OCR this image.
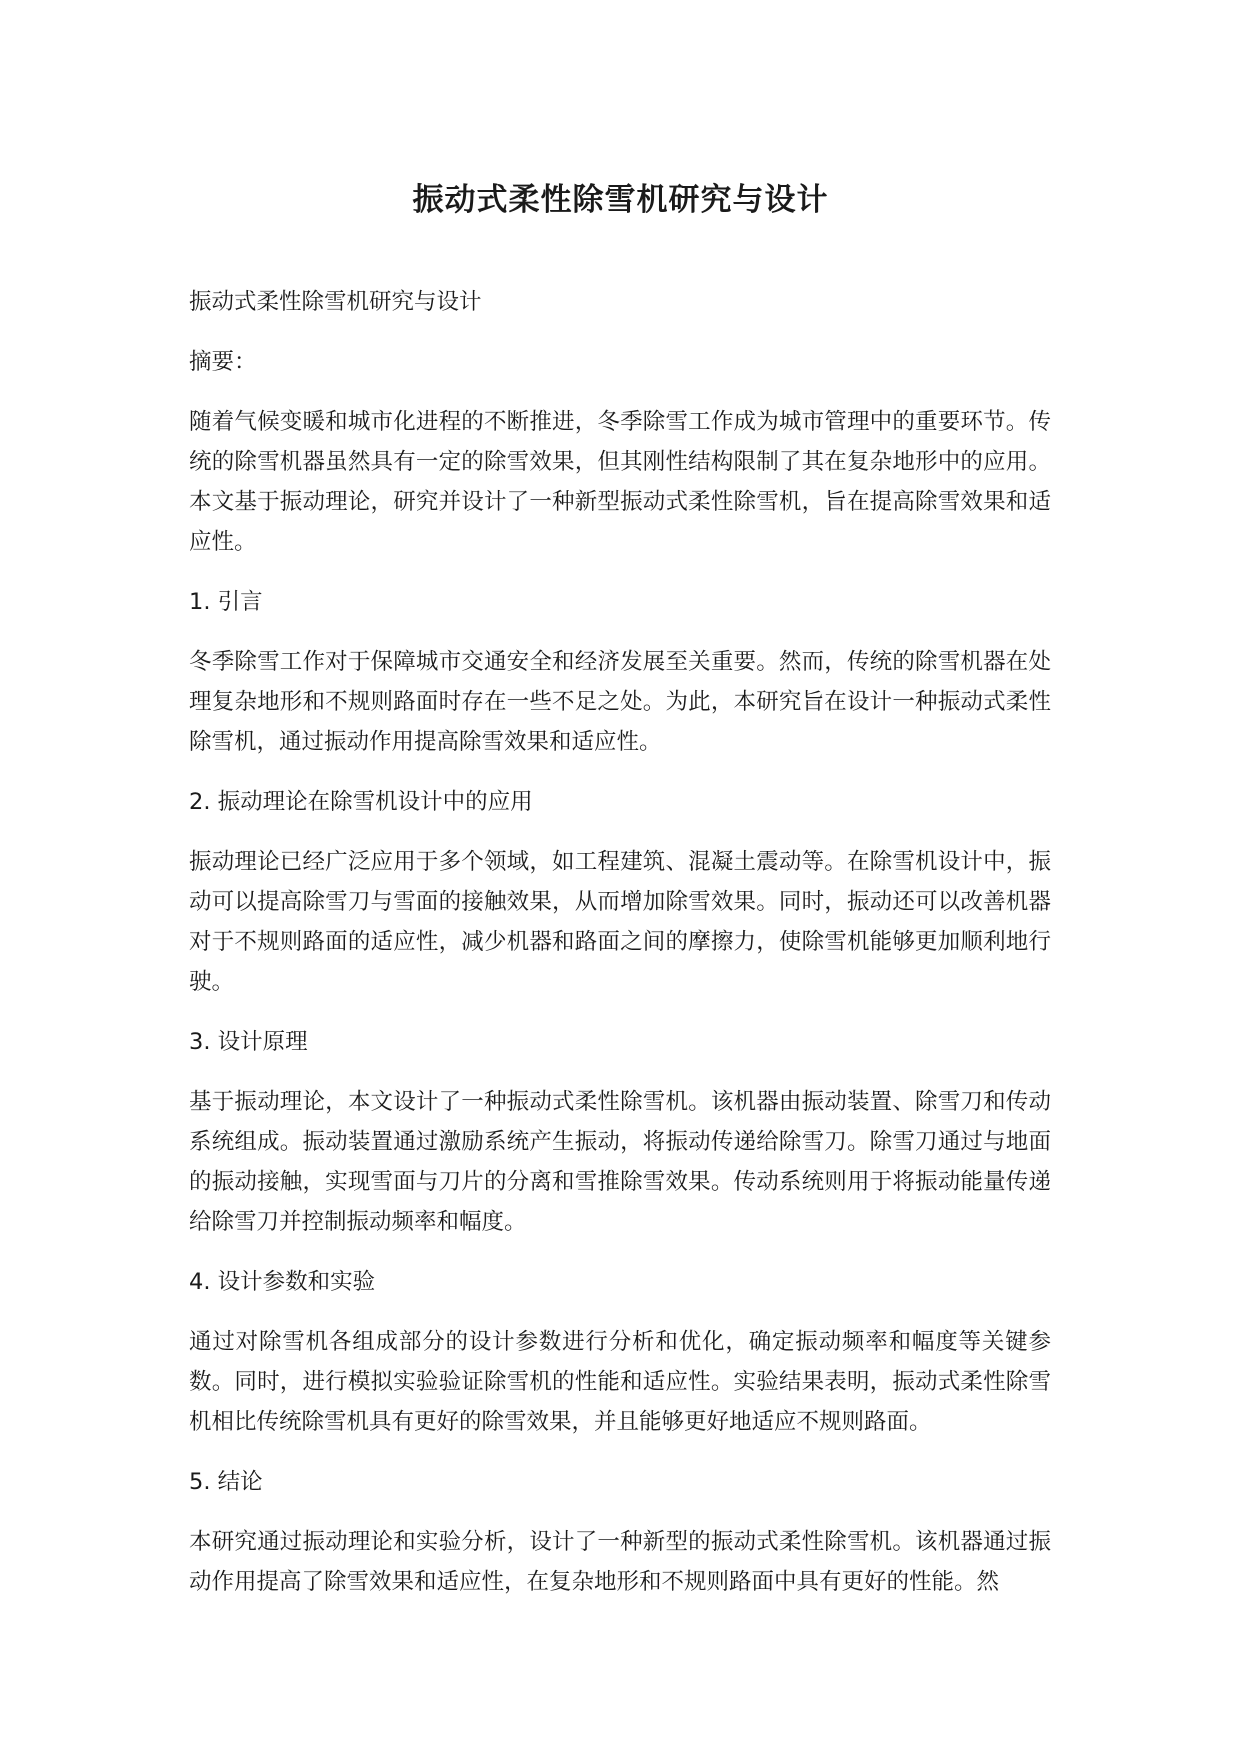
振动式柔性除雪机研究与设计

振动式柔性除雪机研究与设计

摘要：

随着气候变暖和城市化进程的不断推进，冬季除雪工作成为城市管理中的重要环节。传统的除雪机器虽然具有一定的除雪效果，但其刚性结构限制了其在复杂地形中的应用。本文基于振动理论，研究并设计了一种新型振动式柔性除雪机，旨在提高除雪效果和适应性。

1. 引言

冬季除雪工作对于保障城市交通安全和经济发展至关重要。然而，传统的除雪机器在处理复杂地形和不规则路面时存在一些不足之处。为此，本研究旨在设计一种振动式柔性除雪机，通过振动作用提高除雪效果和适应性。

2. 振动理论在除雪机设计中的应用

振动理论已经广泛应用于多个领域，如工程建筑、混凝土震动等。在除雪机设计中，振动可以提高除雪刀与雪面的接触效果，从而增加除雪效果。同时，振动还可以改善机器对于不规则路面的适应性，减少机器和路面之间的摩擦力，使除雪机能够更加顺利地行驶。

3. 设计原理

基于振动理论，本文设计了一种振动式柔性除雪机。该机器由振动装置、除雪刀和传动系统组成。振动装置通过激励系统产生振动，将振动传递给除雪刀。除雪刀通过与地面的振动接触，实现雪面与刀片的分离和雪推除雪效果。传动系统则用于将振动能量传递给除雪刀并控制振动频率和幅度。

4. 设计参数和实验

通过对除雪机各组成部分的设计参数进行分析和优化，确定振动频率和幅度等关键参数。同时，进行模拟实验验证除雪机的性能和适应性。实验结果表明，振动式柔性除雪机相比传统除雪机具有更好的除雪效果，并且能够更好地适应不规则路面。

5. 结论

本研究通过振动理论和实验分析，设计了一种新型的振动式柔性除雪机。该机器通过振动作用提高了除雪效果和适应性，在复杂地形和不规则路面中具有更好的性能。然
